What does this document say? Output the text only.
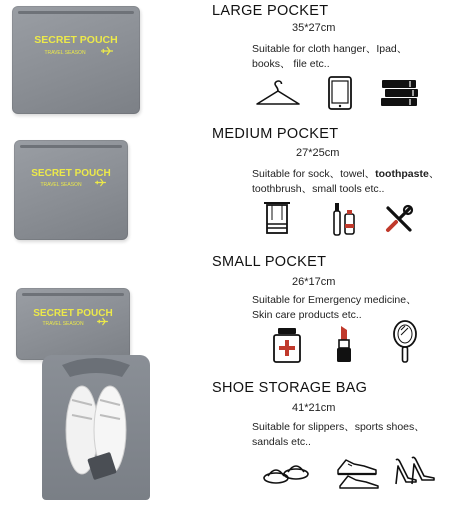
SECRET POUCH
TRAVEL SEASON
SECRET POUCH
TRAVEL SEASON
SECRET POUCH
TRAVEL SEASON
LARGE POCKET
35*27cm
Suitable for cloth hanger、Ipad、
books、 file etc..
MEDIUM POCKET
27*25cm
Suitable for sock、towel、toothpaste、
toothbrush、small tools etc..
SMALL POCKET
26*17cm
Suitable for Emergency medicine、
Skin care products etc..
SHOE STORAGE BAG
41*21cm
Suitable for slippers、sports shoes、
sandals etc..
